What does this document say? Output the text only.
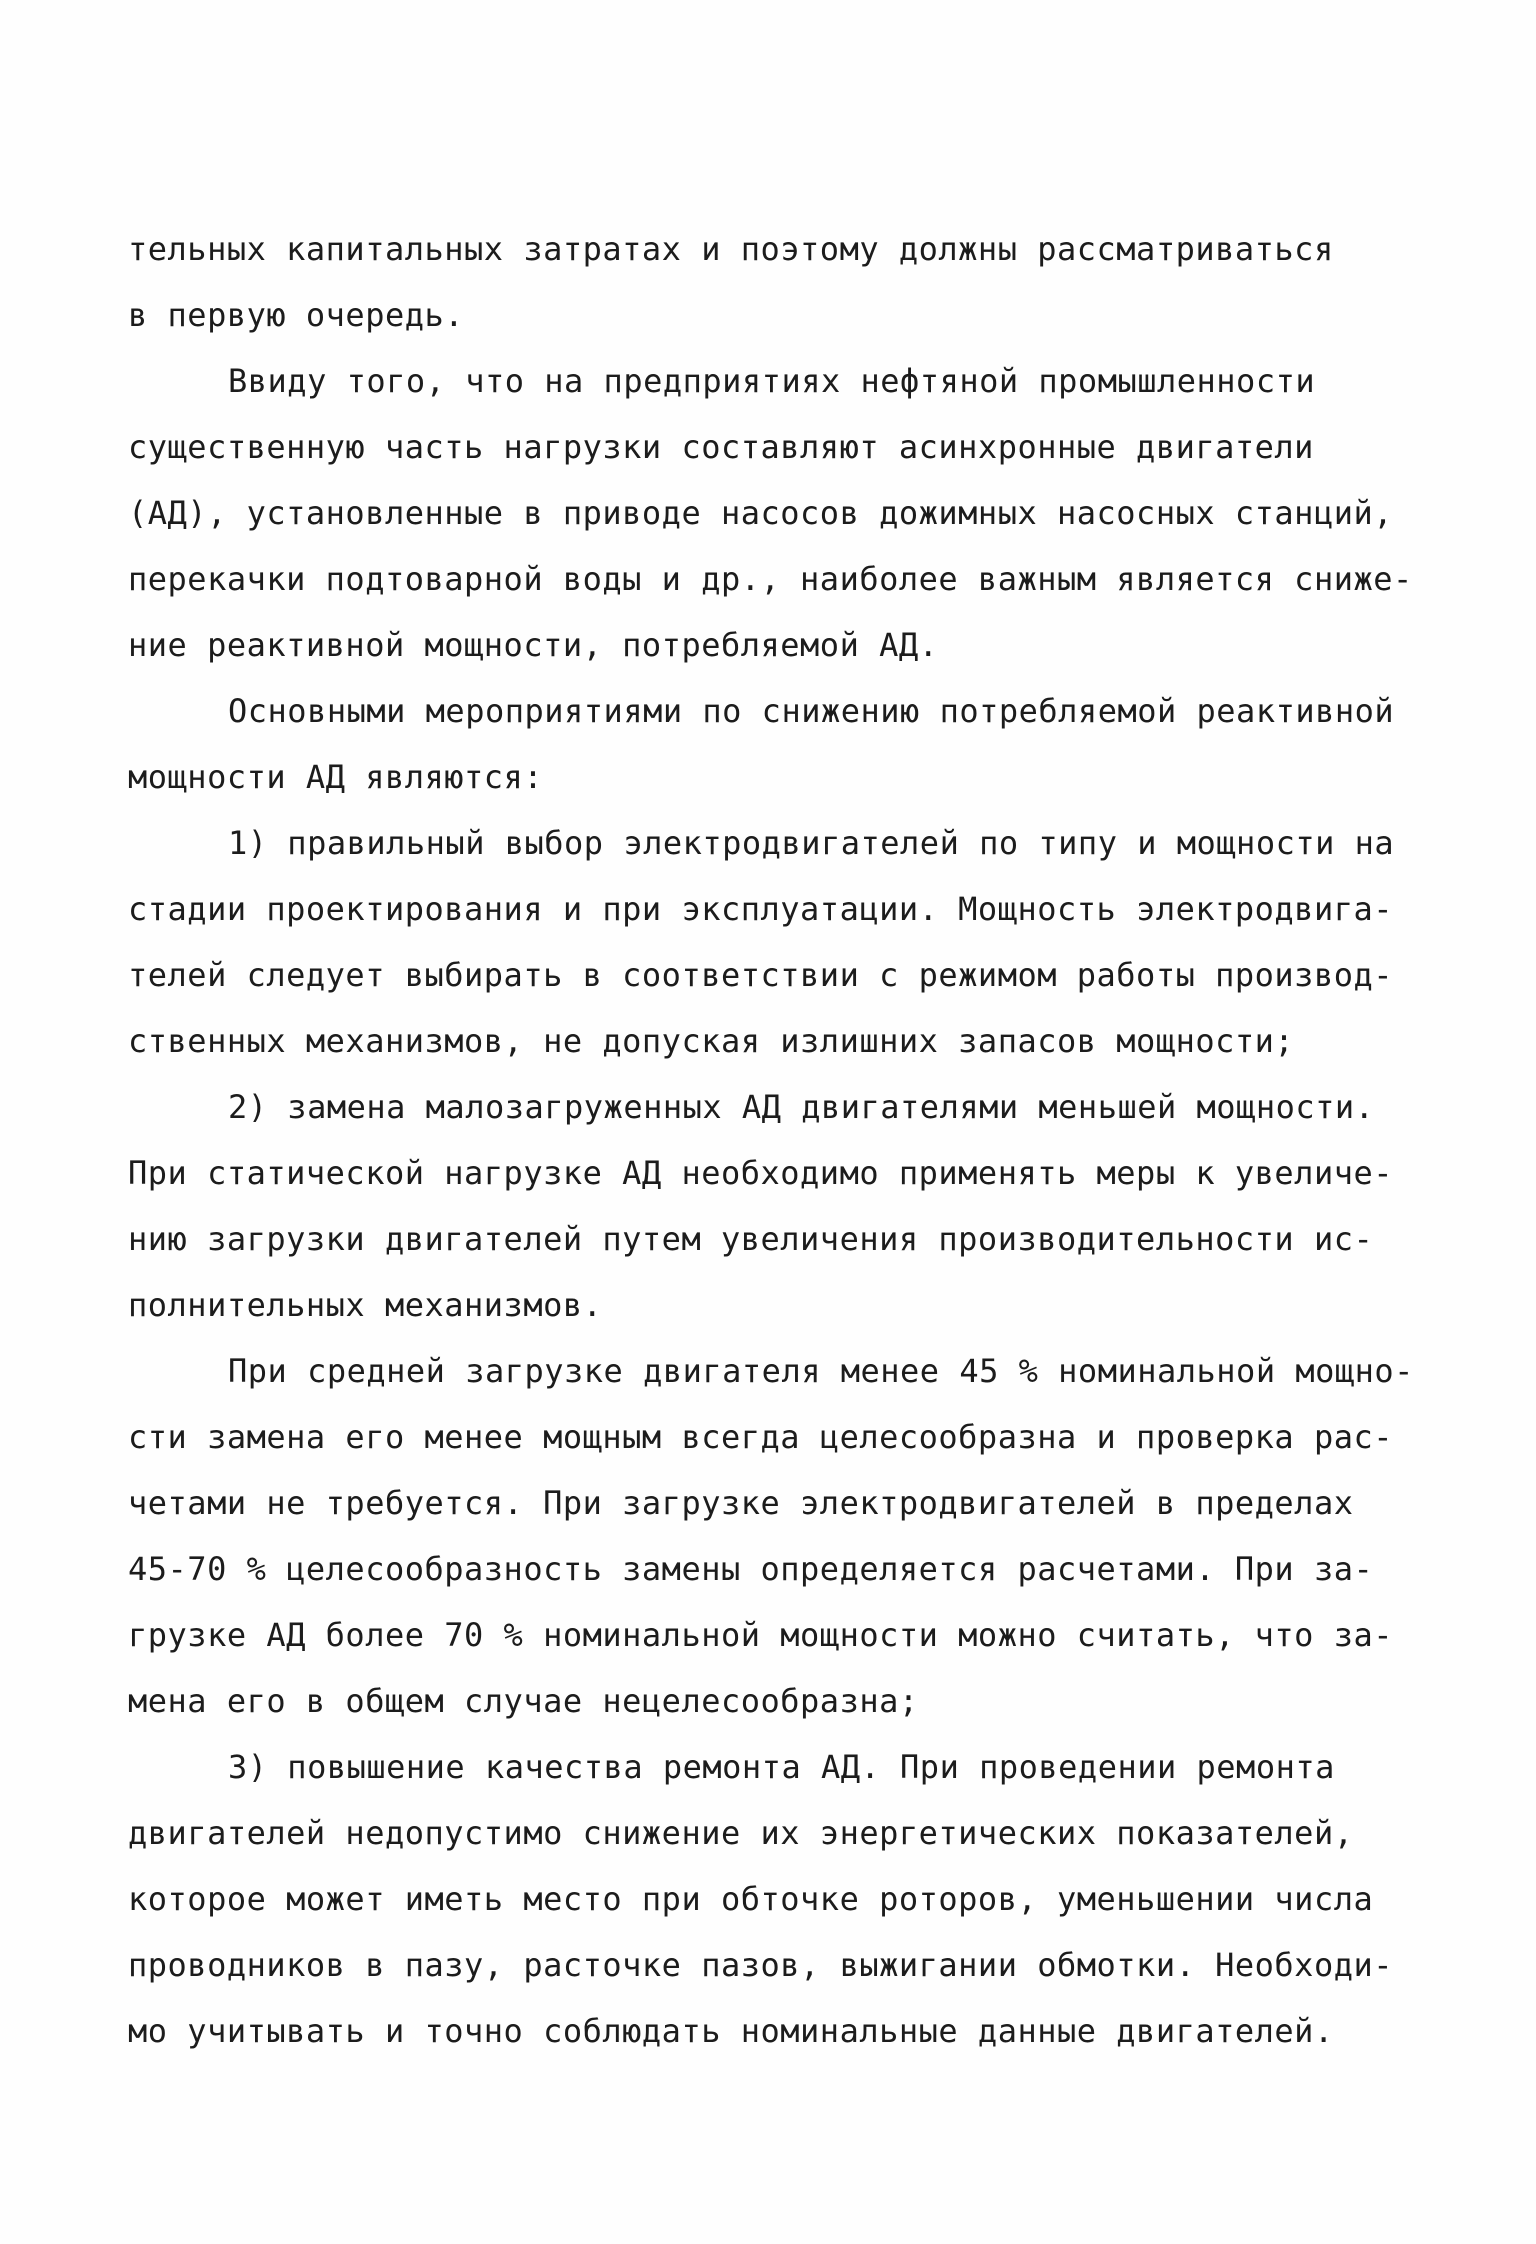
тельных капитальных затратах и поэтому должны рассматриваться
в первую очередь.
Ввиду того, что на предприятиях нефтяной промышленности
существенную часть нагрузки составляют асинхронные двигатели
(АД), установленные в приводе насосов дожимных насосных станций,
перекачки подтоварной воды и др., наиболее важным является сниже-
ние реактивной мощности, потребляемой АД.
Основными мероприятиями по снижению потребляемой реактивной
мощности АД являются:
1) правильный выбор электродвигателей по типу и мощности на
стадии проектирования и при эксплуатации. Мощность электродвига-
телей следует выбирать в соответствии с режимом работы производ-
ственных механизмов, не допуская излишних запасов мощности;
2) замена малозагруженных АД двигателями меньшей мощности.
При статической нагрузке АД необходимо применять меры к увеличе-
нию загрузки двигателей путем увеличения производительности ис-
полнительных механизмов.
При средней загрузке двигателя менее 45 % номинальной мощно-
сти замена его менее мощным всегда целесообразна и проверка рас-
четами не требуется. При загрузке электродвигателей в пределах
45-70 % целесообразность замены определяется расчетами. При за-
грузке АД более 70 % номинальной мощности можно считать, что за-
мена его в общем случае нецелесообразна;
3) повышение качества ремонта АД. При проведении ремонта
двигателей недопустимо снижение их энергетических показателей,
которое может иметь место при обточке роторов, уменьшении числа
проводников в пазу, расточке пазов, выжигании обмотки. Необходи-
мо учитывать и точно соблюдать номинальные данные двигателей.
